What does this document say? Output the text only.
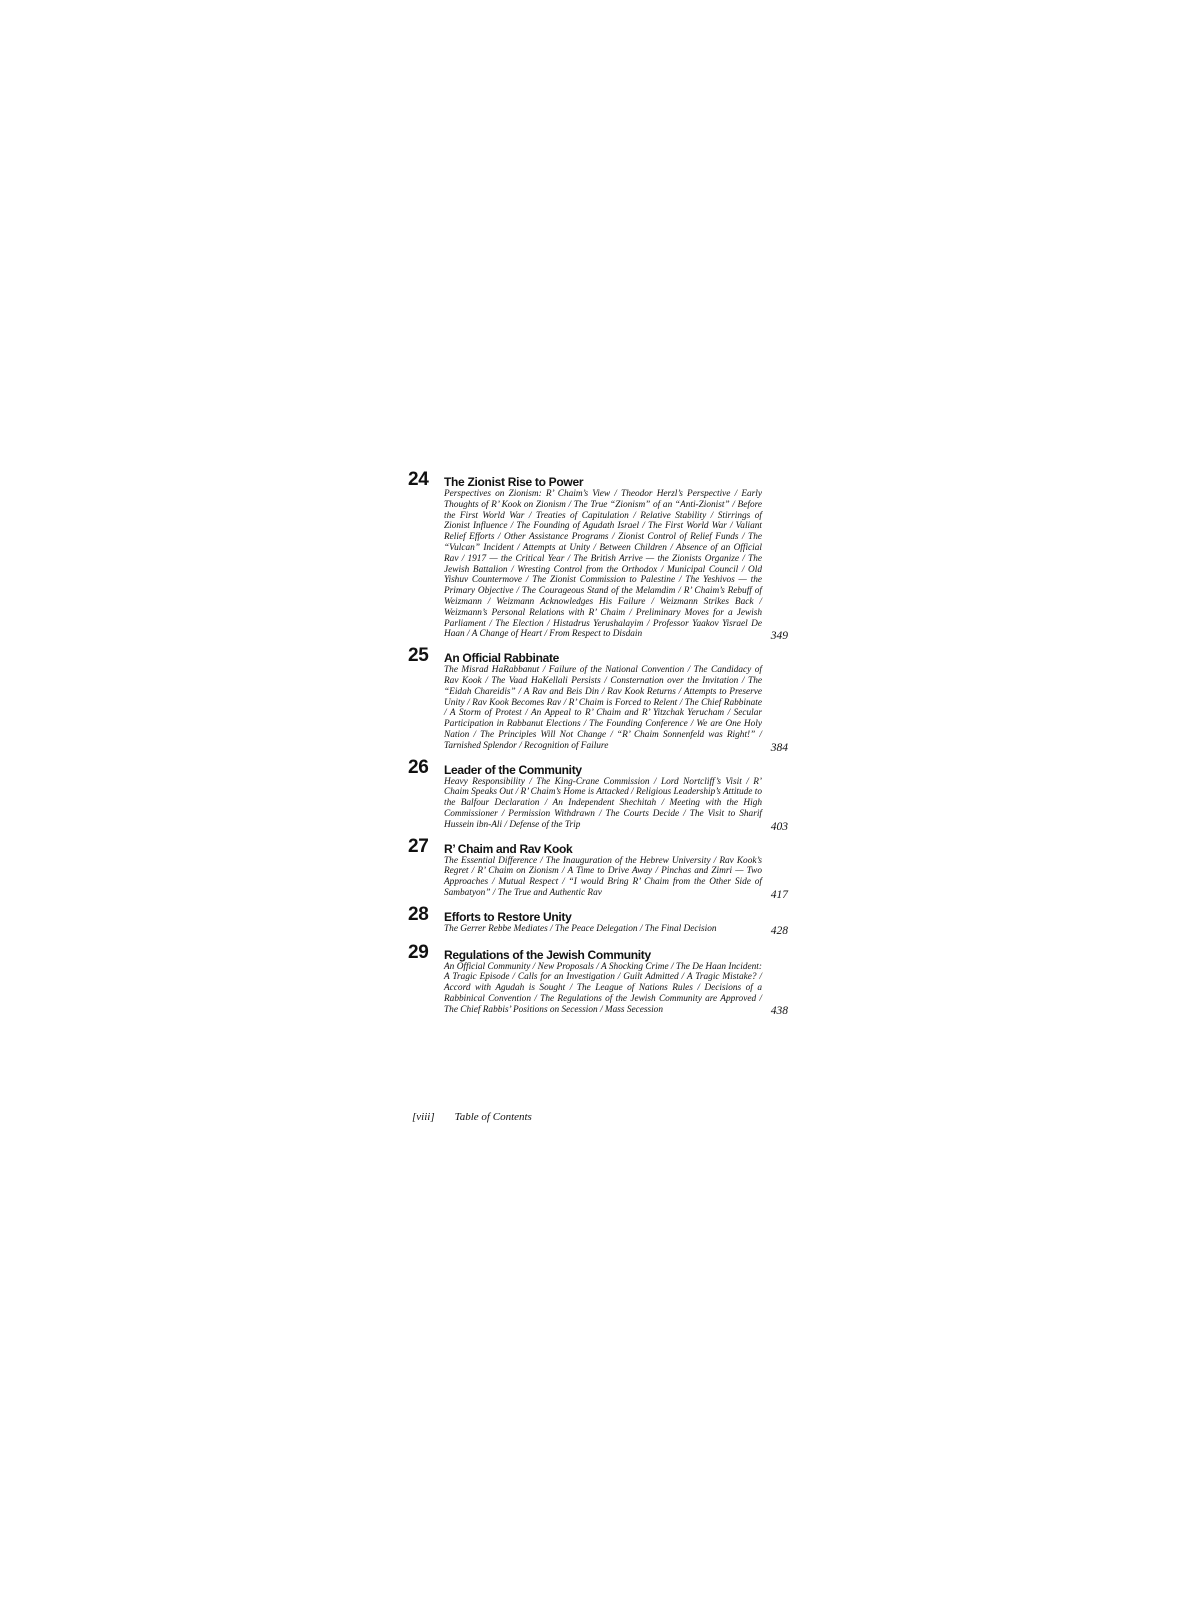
24	The Zionist Rise to Power
Perspectives on Zionism: R’ Chaim’s View / Theodor Herzl’s Perspective / Early Thoughts of R’ Kook on Zionism / The True “Zionism” of an “Anti-Zionist” / Before the First World War / Treaties of Capitulation / Relative Stability / Stirrings of Zionist Influence / The Founding of Agudath Israel / The First World War / Valiant Relief Efforts / Other Assistance Programs / Zionist Control of Relief Funds / The “Vulcan” Incident / Attempts at Unity / Between Children / Absence of an Official Rav / 1917 — the Critical Year / The British Arrive — the Zionists Organize / The Jewish Battalion / Wresting Control from the Orthodox / Municipal Council / Old Yishuv Countermove / The Zionist Commission to Palestine / The Yeshivos — the Primary Objective / The Courageous Stand of the Melamdim / R’ Chaim’s Rebuff of Weizmann / Weizmann Acknowledges His Failure / Weizmann Strikes Back / Weizmann’s Personal Relations with R’ Chaim / Preliminary Moves for a Jewish Parliament / The Election / Histadrus Yerushalayim / Professor Yaakov Yisrael De Haan / A Change of Heart / From Respect to Disdain	349
25	An Official Rabbinate
The Misrad HaRabbanut / Failure of the National Convention / The Candidacy of Rav Kook / The Vaad HaKellali Persists / Consternation over the Invitation / The “Eidah Chareidis” / A Rav and Beis Din / Rav Kook Returns / Attempts to Preserve Unity / Rav Kook Becomes Rav / R’ Chaim is Forced to Relent / The Chief Rabbinate / A Storm of Protest / An Appeal to R’ Chaim and R’ Yitzchak Yerucham / Secular Participation in Rabbanut Elections / The Founding Conference / We are One Holy Nation / The Principles Will Not Change / “R’ Chaim Sonnenfeld was Right!” / Tarnished Splendor / Recognition of Failure	384
26	Leader of the Community
Heavy Responsibility / The King-Crane Commission / Lord Nortcliff’s Visit / R’ Chaim Speaks Out / R’ Chaim’s Home is Attacked / Religious Leadership’s Attitude to the Balfour Declaration / An Independent Shechitah / Meeting with the High Commissioner / Permission Withdrawn / The Courts Decide / The Visit to Sharif Hussein ibn-Ali / Defense of the Trip	403
27	R’ Chaim and Rav Kook
The Essential Difference / The Inauguration of the Hebrew University / Rav Kook’s Regret / R’ Chaim on Zionism / A Time to Drive Away / Pinchas and Zimri — Two Approaches / Mutual Respect / “I would Bring R’ Chaim from the Other Side of Sambatyon” / The True and Authentic Rav	417
28	Efforts to Restore Unity
The Gerrer Rebbe Mediates / The Peace Delegation / The Final Decision	428
29	Regulations of the Jewish Community
An Official Community / New Proposals / A Shocking Crime / The De Haan Incident: A Tragic Episode / Calls for an Investigation / Guilt Admitted / A Tragic Mistake? / Accord with Agudah is Sought / The League of Nations Rules / Decisions of a Rabbinical Convention / The Regulations of the Jewish Community are Approved / The Chief Rabbis’ Positions on Secession / Mass Secession	438
[viii] Table of Contents
